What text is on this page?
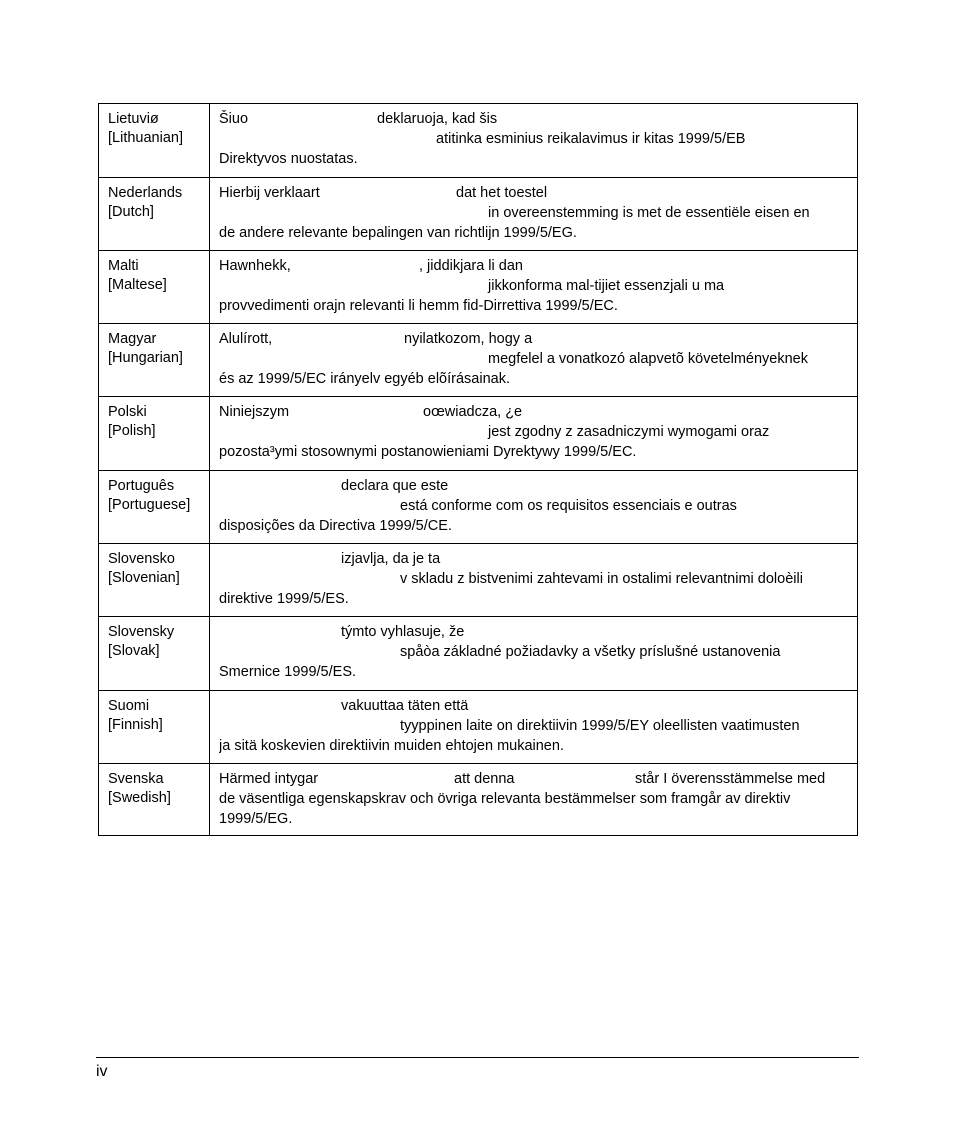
Lietuviø
[Lithuanian]	Šiuo deklaruoja, kad šis
atitinka esminius reikalavimus ir kitas 1999/5/EB
Direktyvos nuostatas.

Nederlands
[Dutch]	Hierbij verklaart dat het toestel
in overeenstemming is met de essentiële eisen en
de andere relevante bepalingen van richtlijn 1999/5/EG.

Malti
[Maltese]	Hawnhekk, , jiddikjara li dan
jikkonforma mal-tijiet essenzjali u ma
provvedimenti orajn relevanti li hemm fid-Dirrettiva 1999/5/EC.

Magyar
[Hungarian]	Alulírott, nyilatkozom, hogy a
megfelel a vonatkozó alapvetõ követelményeknek
és az 1999/5/EC irányelv egyéb elõírásainak.

Polski
[Polish]	Niniejszym oœwiadcza, ¿e
jest zgodny z zasadniczymi wymogami oraz
pozosta³ymi stosownymi postanowieniami Dyrektywy 1999/5/EC.

Português
[Portuguese]	declara que este
está conforme com os requisitos essenciais e outras
disposições da Directiva 1999/5/CE.

Slovensko
[Slovenian]	izjavlja, da je ta
v skladu z bistvenimi zahtevami in ostalimi relevantnimi doloèili
direktive 1999/5/ES.

Slovensky
[Slovak]	týmto vyhlasuje, že
spåòa základné požiadavky a všetky príslušné ustanovenia
Smernice 1999/5/ES.

Suomi
[Finnish]	vakuuttaa täten että
tyyppinen laite on direktiivin 1999/5/EY oleellisten vaatimusten
ja sitä koskevien direktiivin muiden ehtojen mukainen.

Svenska
[Swedish]	Härmed intygar att denna står I överensstämmelse med
de väsentliga egenskapskrav och övriga relevanta bestämmelser som framgår av direktiv
1999/5/EG.
iv
